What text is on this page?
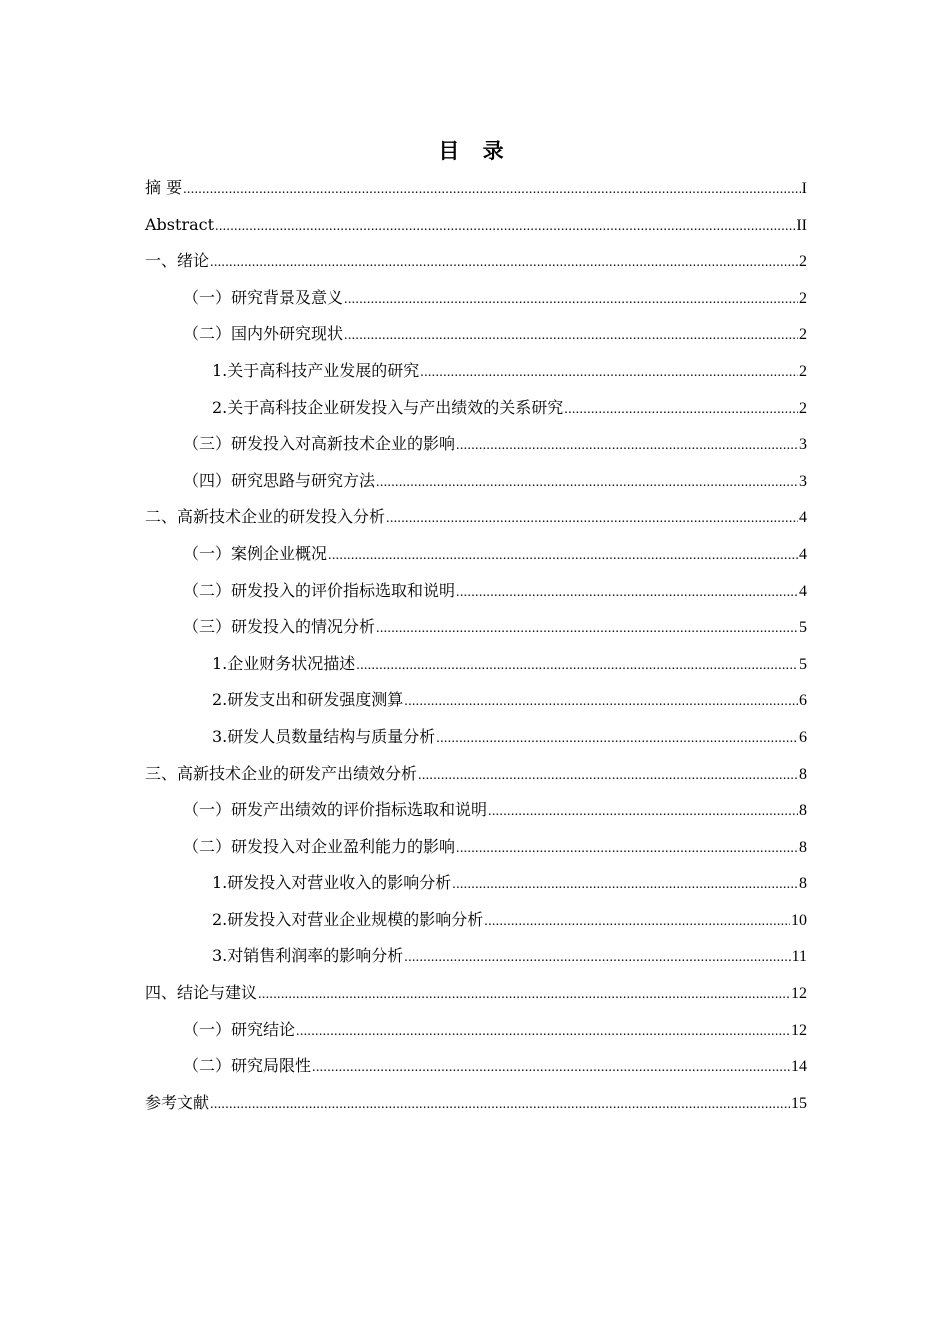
目 录
摘 要 .....	I
Abstract .....	II
一、绪论 .....	2
（一）研究背景及意义 .....	2
（二）国内外研究现状 .....	2
1.关于高科技产业发展的研究 .....	2
2.关于高科技企业研发投入与产出绩效的关系研究 .....	2
（三）研发投入对高新技术企业的影响 .....	3
（四）研究思路与研究方法 .....	3
二、高新技术企业的研发投入分析 .....	4
（一）案例企业概况 .....	4
（二）研发投入的评价指标选取和说明 .....	4
（三）研发投入的情况分析 .....	5
1.企业财务状况描述 .....	5
2.研发支出和研发强度测算 .....	6
3.研发人员数量结构与质量分析 .....	6
三、高新技术企业的研发产出绩效分析 .....	8
（一）研发产出绩效的评价指标选取和说明 .....	8
（二）研发投入对企业盈利能力的影响 .....	8
1.研发投入对营业收入的影响分析 .....	8
2.研发投入对营业企业规模的影响分析 .....	10
3.对销售利润率的影响分析 .....	11
四、结论与建议 .....	12
（一）研究结论 .....	12
（二）研究局限性 .....	14
参考文献 .....	15
